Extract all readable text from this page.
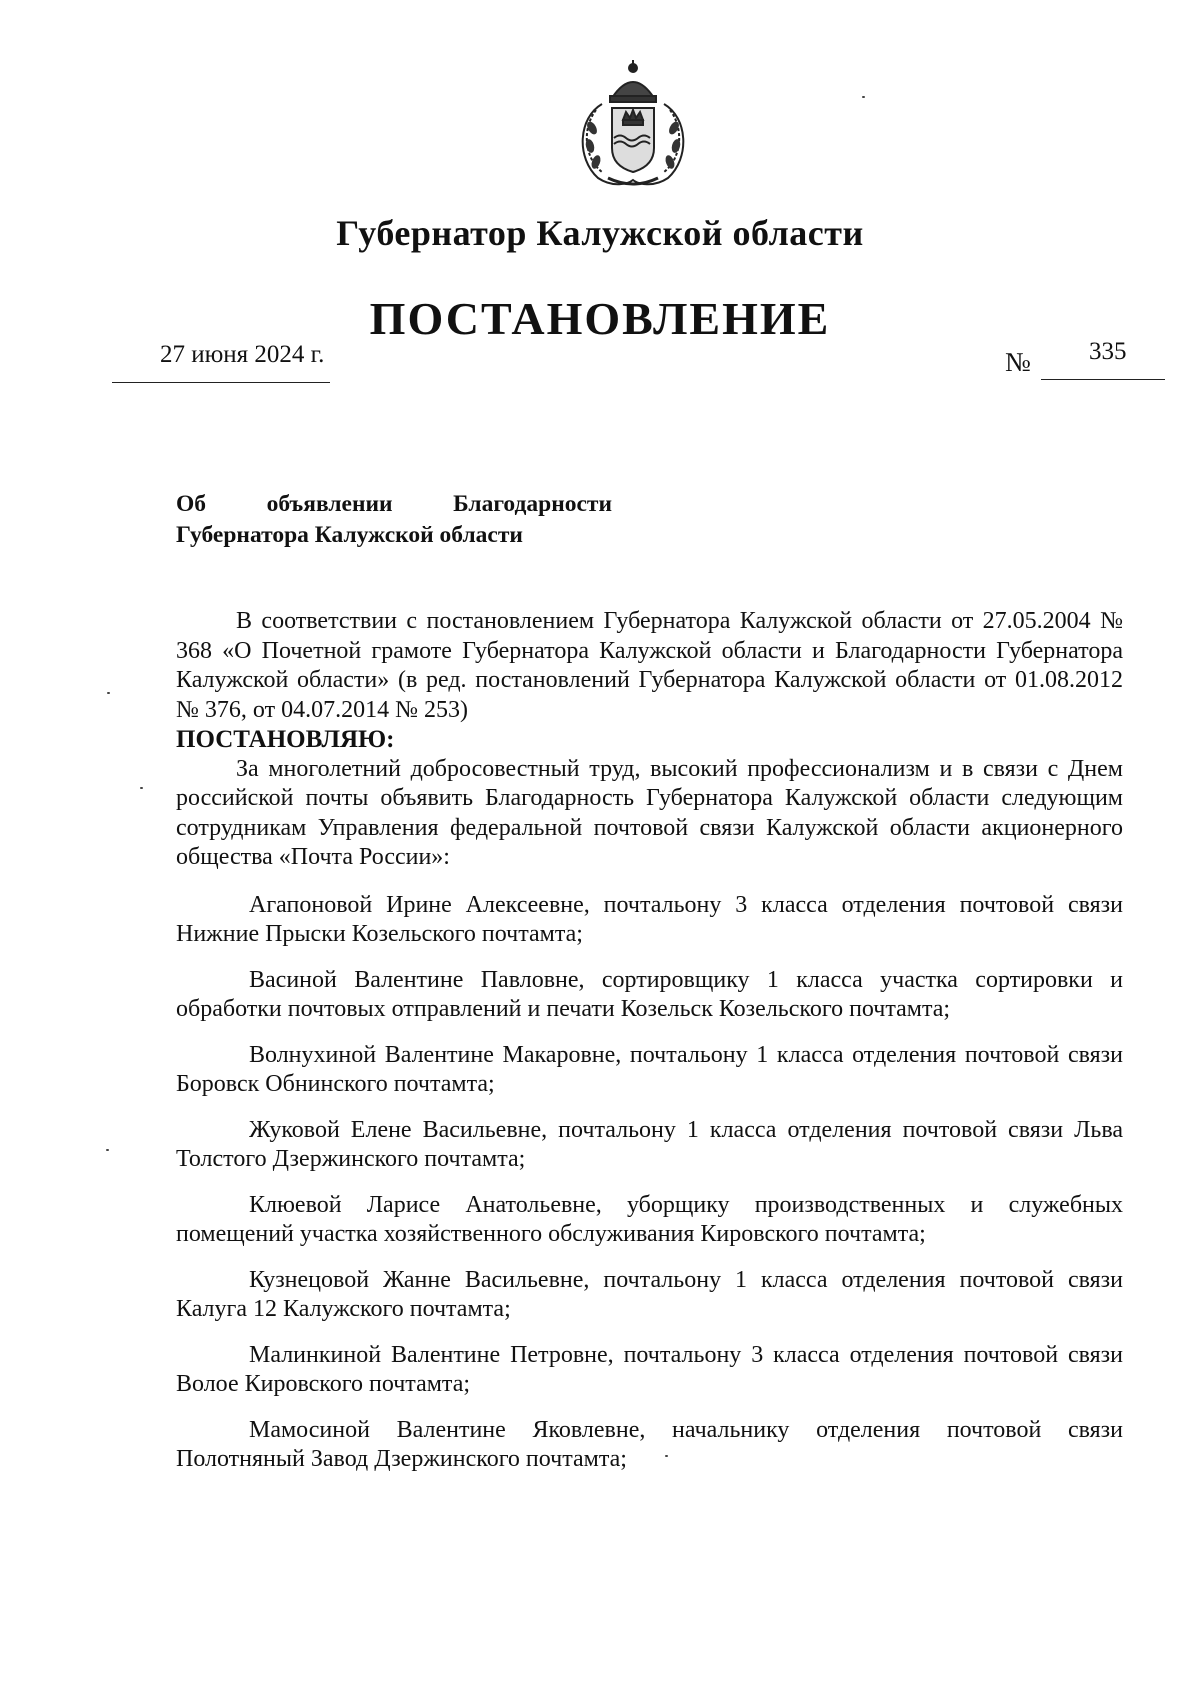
Губернатор Калужской области
ПОСТАНОВЛЕНИЕ
27 июня 2024 г.	№ 335
Об объявлении Благодарности
Губернатора Калужской области

В соответствии с постановлением Губернатора Калужской области от 27.05.2004 № 368 «О Почетной грамоте Губернатора Калужской области и Благодарности Губернатора Калужской области» (в ред. постановлений Губернатора Калужской области от 01.08.2012 № 376, от 04.07.2014 № 253)

ПОСТАНОВЛЯЮ:

За многолетний добросовестный труд, высокий профессионализм и в связи с Днем российской почты объявить Благодарность Губернатора Калужской области следующим сотрудникам Управления федеральной почтовой связи Калужской области акционерного общества «Почта России»:

Агапоновой Ирине Алексеевне, почтальону 3 класса отделения почтовой связи Нижние Прыски Козельского почтамта;

Васиной Валентине Павловне, сортировщику 1 класса участка сортировки и обработки почтовых отправлений и печати Козельск Козельского почтамта;

Волнухиной Валентине Макаровне, почтальону 1 класса отделения почтовой связи Боровск Обнинского почтамта;

Жуковой Елене Васильевне, почтальону 1 класса отделения почтовой связи Льва Толстого Дзержинского почтамта;

Клюевой Ларисе Анатольевне, уборщику производственных и служебных помещений участка хозяйственного обслуживания Кировского почтамта;

Кузнецовой Жанне Васильевне, почтальону 1 класса отделения почтовой связи Калуга 12 Калужского почтамта;

Малинкиной Валентине Петровне, почтальону 3 класса отделения почтовой связи Волое Кировского почтамта;

Мамосиной Валентине Яковлевне, начальнику отделения почтовой связи Полотняный Завод Дзержинского почтамта;
